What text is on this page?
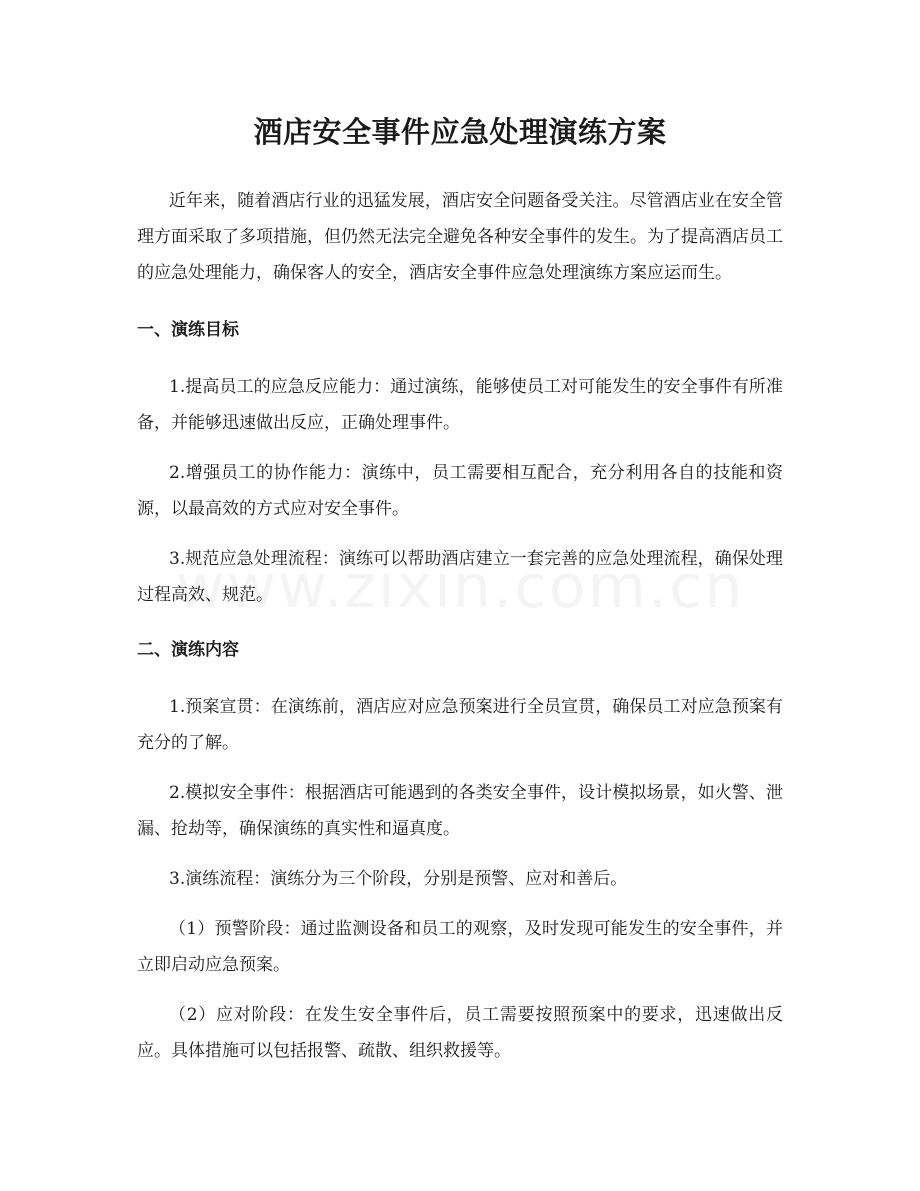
酒店安全事件应急处理演练方案

近年来，随着酒店行业的迅猛发展，酒店安全问题备受关注。尽管酒店业在安全管理方面采取了多项措施，但仍然无法完全避免各种安全事件的发生。为了提高酒店员工的应急处理能力，确保客人的安全，酒店安全事件应急处理演练方案应运而生。

一、演练目标

1.提高员工的应急反应能力：通过演练，能够使员工对可能发生的安全事件有所准备，并能够迅速做出反应，正确处理事件。

2.增强员工的协作能力：演练中，员工需要相互配合，充分利用各自的技能和资源，以最高效的方式应对安全事件。

3.规范应急处理流程：演练可以帮助酒店建立一套完善的应急处理流程，确保处理过程高效、规范。

二、演练内容

1.预案宣贯：在演练前，酒店应对应急预案进行全员宣贯，确保员工对应急预案有充分的了解。

2.模拟安全事件：根据酒店可能遇到的各类安全事件，设计模拟场景，如火警、泄漏、抢劫等，确保演练的真实性和逼真度。

3.演练流程：演练分为三个阶段，分别是预警、应对和善后。

（1）预警阶段：通过监测设备和员工的观察，及时发现可能发生的安全事件，并立即启动应急预案。

（2）应对阶段：在发生安全事件后，员工需要按照预案中的要求，迅速做出反应。具体措施可以包括报警、疏散、组织救援等。
